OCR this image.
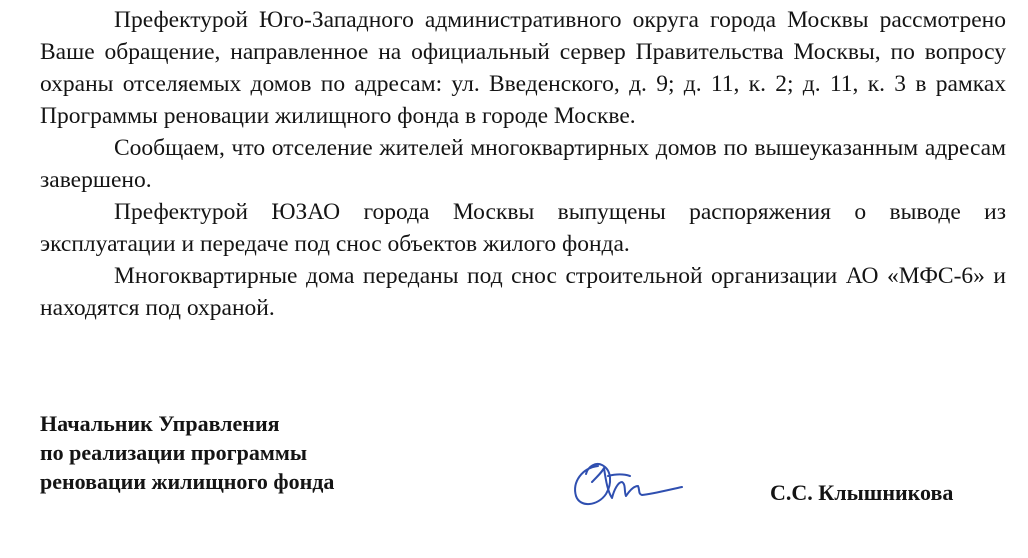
Префектурой Юго-Западного административного округа города Москвы рассмотрено Ваше обращение, направленное на официальный сервер Правительства Москвы, по вопросу охраны отселяемых домов по адресам: ул. Введенского, д. 9; д. 11, к. 2; д. 11, к. 3 в рамках Программы реновации жилищного фонда в городе Москве.

Сообщаем, что отселение жителей многоквартирных домов по вышеуказанным адресам завершено.

Префектурой ЮЗАО города Москвы выпущены распоряжения о выводе из эксплуатации и передаче под снос объектов жилого фонда.

Многоквартирные дома переданы под снос строительной организации АО «МФС-6» и находятся под охраной.

Начальник Управления
по реализации программы
реновации жилищного фонда	С.С. Клышникова
